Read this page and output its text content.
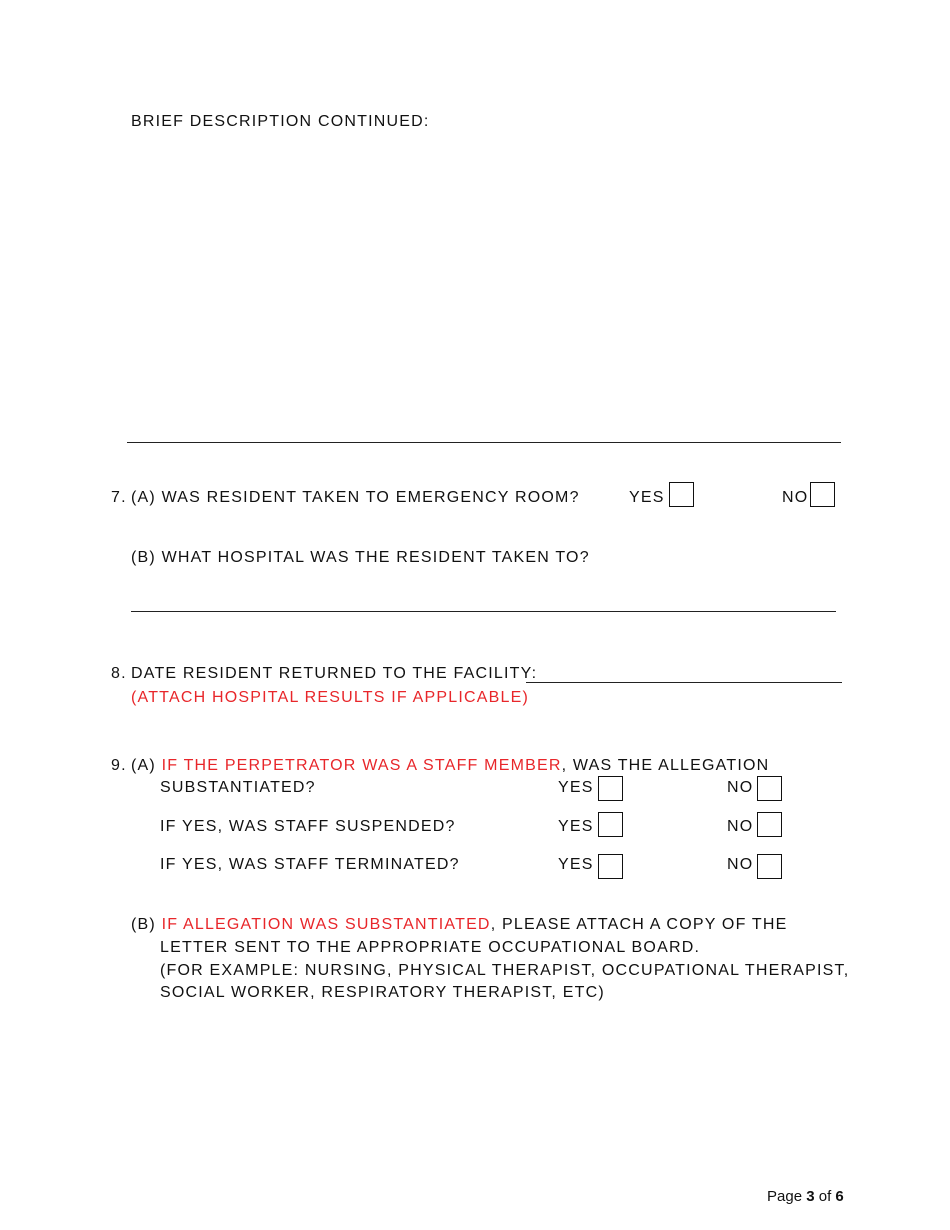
BRIEF DESCRIPTION CONTINUED:
7. (A) WAS RESIDENT TAKEN TO EMERGENCY ROOM?	YES	NO
(B) WHAT HOSPITAL WAS THE RESIDENT TAKEN TO?
8. DATE RESIDENT RETURNED TO THE FACILITY:
(ATTACH HOSPITAL RESULTS IF APPLICABLE)
9. (A) IF THE PERPETRATOR WAS A STAFF MEMBER, WAS THE ALLEGATION
SUBSTANTIATED?	YES	NO
IF YES, WAS STAFF SUSPENDED?	YES	NO
IF YES, WAS STAFF TERMINATED?	YES	NO
(B) IF ALLEGATION WAS SUBSTANTIATED, PLEASE ATTACH A COPY OF THE
LETTER SENT TO THE APPROPRIATE OCCUPATIONAL BOARD.
(FOR EXAMPLE: NURSING, PHYSICAL THERAPIST, OCCUPATIONAL THERAPIST,
SOCIAL WORKER, RESPIRATORY THERAPIST, ETC)
Page 3 of 6
